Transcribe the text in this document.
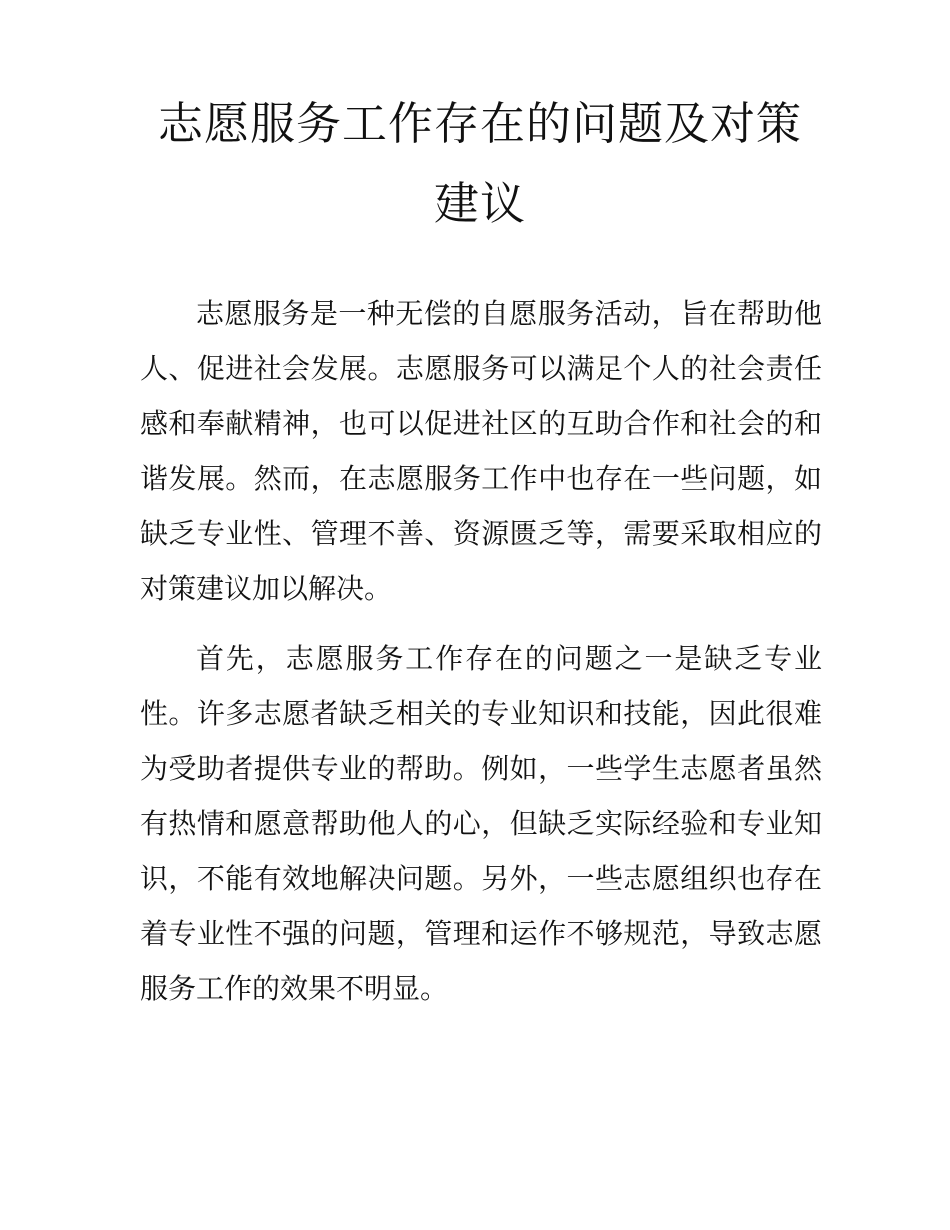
志愿服务工作存在的问题及对策建议

志愿服务是一种无偿的自愿服务活动，旨在帮助他人、促进社会发展。志愿服务可以满足个人的社会责任感和奉献精神，也可以促进社区的互助合作和社会的和谐发展。然而，在志愿服务工作中也存在一些问题，如缺乏专业性、管理不善、资源匮乏等，需要采取相应的对策建议加以解决。

首先，志愿服务工作存在的问题之一是缺乏专业性。许多志愿者缺乏相关的专业知识和技能，因此很难为受助者提供专业的帮助。例如，一些学生志愿者虽然有热情和愿意帮助他人的心，但缺乏实际经验和专业知识，不能有效地解决问题。另外，一些志愿组织也存在着专业性不强的问题，管理和运作不够规范，导致志愿服务工作的效果不明显。
